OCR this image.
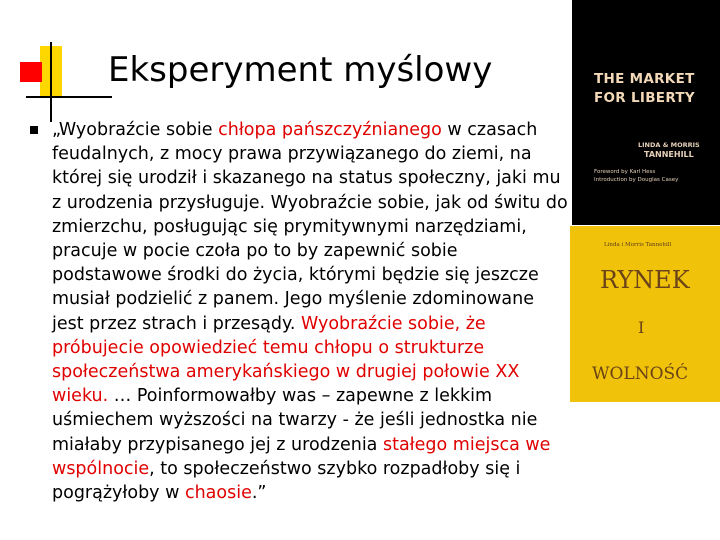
Eksperyment myślowy

„Wyobraźcie sobie chłopa pańszczyźnianego w czasach
feudalnych, z mocy prawa przywiązanego do ziemi, na
której się urodził i skazanego na status społeczny, jaki mu
z urodzenia przysługuje. Wyobraźcie sobie, jak od świtu do
zmierzchu, posługując się prymitywnymi narzędziami,
pracuje w pocie czoła po to by zapewnić sobie
podstawowe środki do życia, którymi będzie się jeszcze
musiał podzielić z panem. Jego myślenie zdominowane
jest przez strach i przesądy. Wyobraźcie sobie, że
próbujecie opowiedzieć temu chłopu o strukturze
społeczeństwa amerykańskiego w drugiej połowie XX
wieku. … Poinformowałby was – zapewne z lekkim
uśmiechem wyższości na twarzy - że jeśli jednostka nie
miałaby przypisanego jej z urodzenia stałego miejsca we
wspólnocie, to społeczeństwo szybko rozpadłoby się i
pogrążyłoby w chaosie.”

THE MARKET
FOR LIBERTY

LINDA & MORRIS
TANNEHILL

Foreword by Karl Hess
Introduction by Douglas Casey

Linda i Morris Tannehill

RYNEK

I

WOLNOŚĆ
